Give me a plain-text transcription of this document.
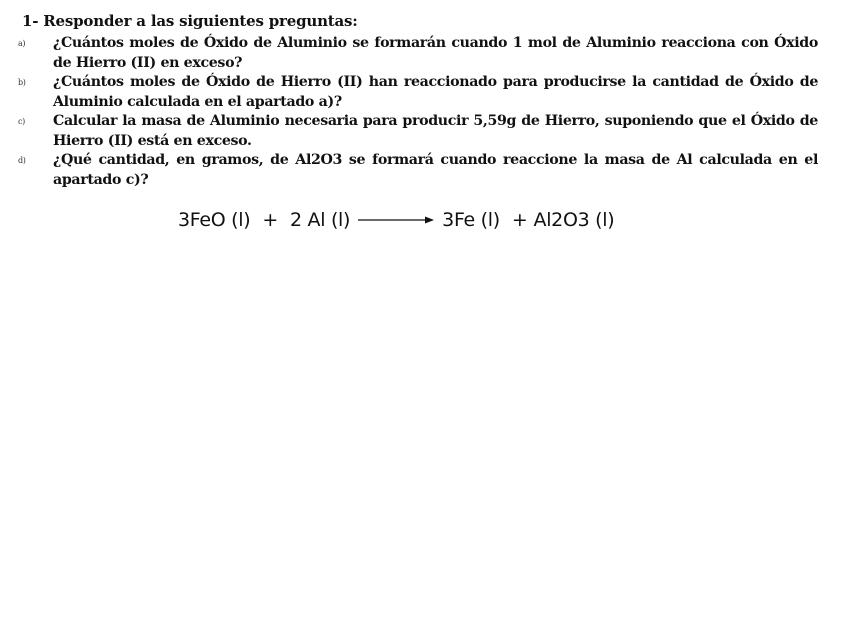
1- Responder a las siguientes preguntas:
a) ¿Cuántos moles de Óxido de Aluminio se formarán cuando 1 mol de Aluminio reacciona con Óxido de Hierro (II) en exceso?
b) ¿Cuántos moles de Óxido de Hierro (II) han reaccionado para producirse la cantidad de Óxido de Aluminio calculada en el apartado a)?
c) Calcular la masa de Aluminio necesaria para producir 5,59g de Hierro, suponiendo que el Óxido de Hierro (II) está en exceso.
d) ¿Qué cantidad, en gramos, de Al2O3 se formará cuando reaccione la masa de Al calculada en el apartado c)?
3FeO (l) + 2 Al (l)	3Fe (l) + Al2O3 (l)
